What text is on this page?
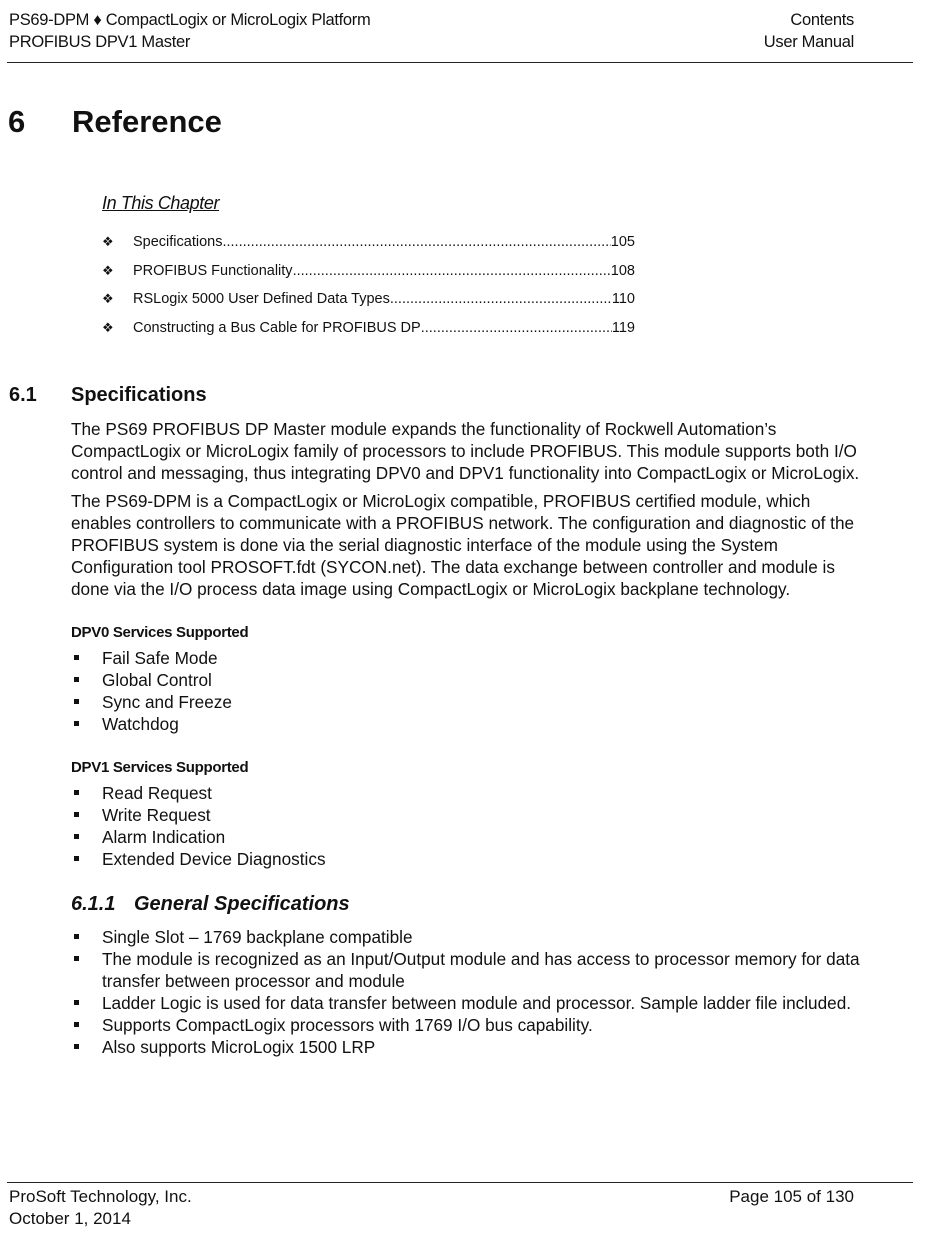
PS69-DPM ♦ CompactLogix or MicroLogix Platform
PROFIBUS DPV1 Master
Contents
User Manual
6 Reference
In This Chapter
❖	Specifications .....	105
❖	PROFIBUS Functionality .....	108
❖	RSLogix 5000 User Defined Data Types .....	110
❖	Constructing a Bus Cable for PROFIBUS DP .....	119
6.1 Specifications

The PS69 PROFIBUS DP Master module expands the functionality of Rockwell Automation’s CompactLogix or MicroLogix family of processors to include PROFIBUS. This module supports both I/O control and messaging, thus integrating DPV0 and DPV1 functionality into CompactLogix or MicroLogix.

The PS69-DPM is a CompactLogix or MicroLogix compatible, PROFIBUS certified module, which enables controllers to communicate with a PROFIBUS network. The configuration and diagnostic of the PROFIBUS system is done via the serial diagnostic interface of the module using the System Configuration tool PROSOFT.fdt (SYCON.net). The data exchange between controller and module is done via the I/O process data image using CompactLogix or MicroLogix backplane technology.

DPV0 Services Supported
Fail Safe Mode
Global Control
Sync and Freeze
Watchdog
DPV1 Services Supported
Read Request
Write Request
Alarm Indication
Extended Device Diagnostics
6.1.1 General Specifications
Single Slot – 1769 backplane compatible
The module is recognized as an Input/Output module and has access to processor memory for data transfer between processor and module
Ladder Logic is used for data transfer between module and processor. Sample ladder file included.
Supports CompactLogix processors with 1769 I/O bus capability.
Also supports MicroLogix 1500 LRP
ProSoft Technology, Inc.
October 1, 2014
Page 105 of 130
